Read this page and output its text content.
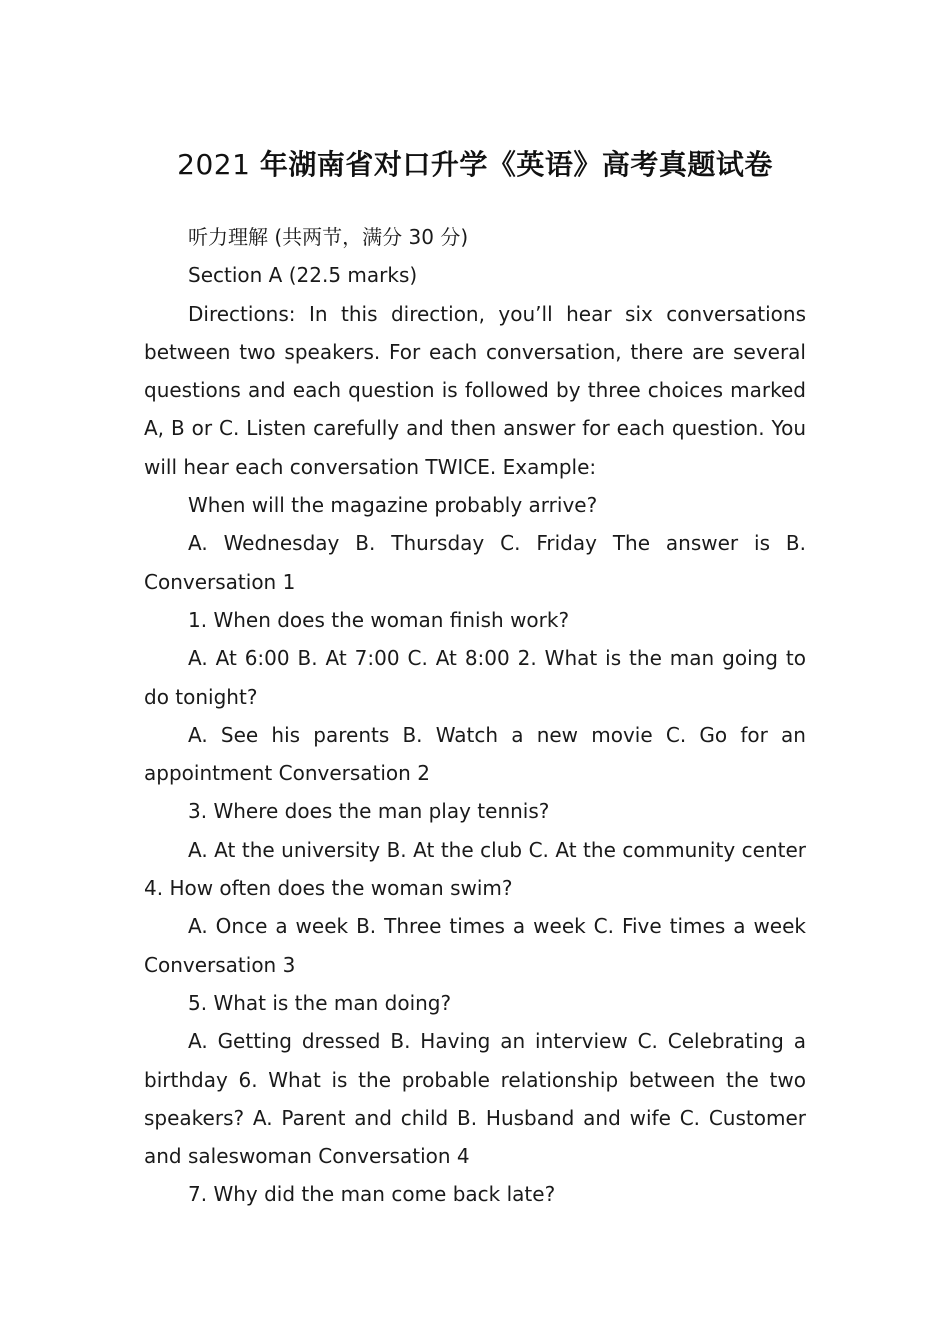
2021 年湖南省对口升学《英语》高考真题试卷

听力理解 (共两节，满分 30 分)

Section A (22.5 marks)

Directions: In this direction, you’ll hear six conversations between two speakers. For each conversation, there are several questions and each question is followed by three choices marked A, B or C. Listen carefully and then answer for each question. You will hear each conversation TWICE. Example:

When will the magazine probably arrive?

A. Wednesday B. Thursday C. Friday The answer is B. Conversation 1

1. When does the woman finish work?

A. At 6:00 B. At 7:00 C. At 8:00 2. What is the man going to do tonight?

A. See his parents B. Watch a new movie C. Go for an appointment Conversation 2

3. Where does the man play tennis?

A. At the university B. At the club C. At the community center 4. How often does the woman swim?

A. Once a week B. Three times a week C. Five times a week Conversation 3

5. What is the man doing?

A. Getting dressed B. Having an interview C. Celebrating a birthday 6. What is the probable relationship between the two speakers? A. Parent and child B. Husband and wife C. Customer and saleswoman Conversation 4

7. Why did the man come back late?
